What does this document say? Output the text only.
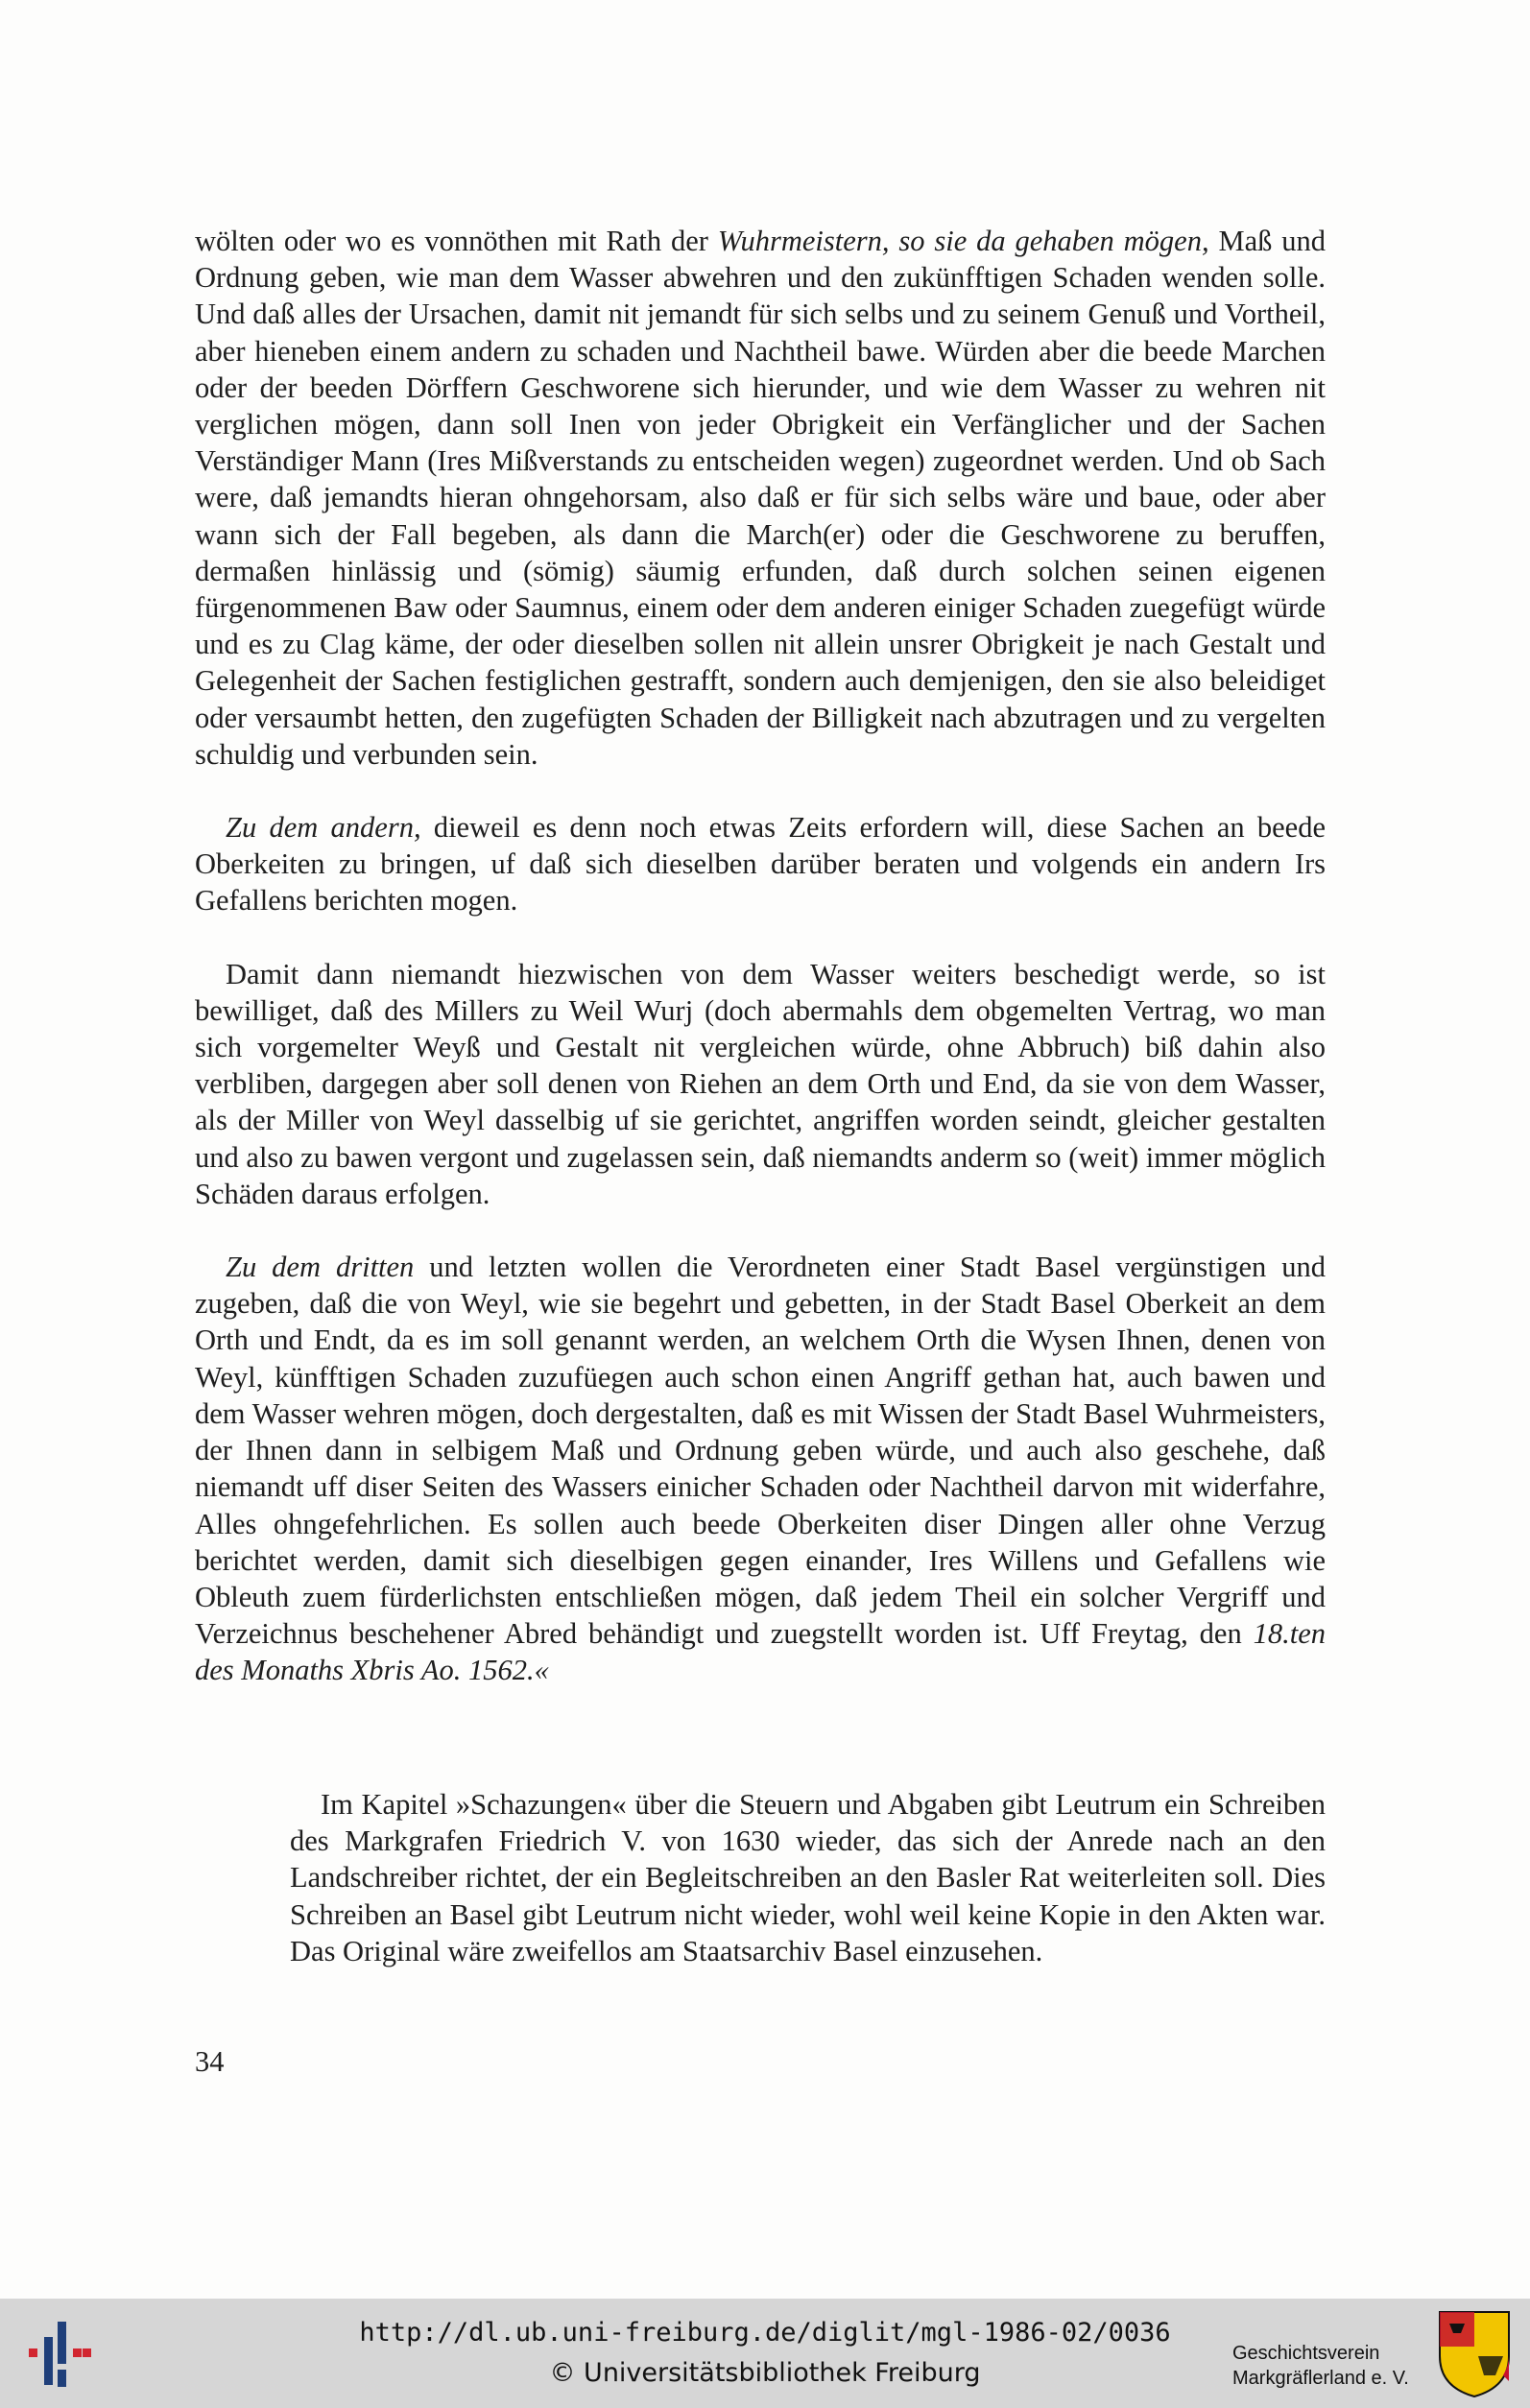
wölten oder wo es vonnöthen mit Rath der Wuhrmeistern, so sie da gehaben mögen, Maß und Ordnung geben, wie man dem Wasser abwehren und den zukünfftigen Schaden wenden solle. Und daß alles der Ursachen, damit nit jemandt für sich selbs und zu seinem Genuß und Vortheil, aber hieneben einem andern zu schaden und Nachtheil bawe. Würden aber die beede Marchen oder der beeden Dörffern Geschworene sich hierunder, und wie dem Wasser zu wehren nit verglichen mögen, dann soll Inen von jeder Obrigkeit ein Verfänglicher und der Sachen Verständiger Mann (Ires Mißverstands zu entscheiden wegen) zugeordnet werden. Und ob Sach were, daß jemandts hieran ohngehorsam, also daß er für sich selbs wäre und baue, oder aber wann sich der Fall begeben, als dann die March(er) oder die Geschworene zu beruffen, dermaßen hinlässig und (sömig) säumig erfunden, daß durch solchen seinen eigenen fürgenommenen Baw oder Saumnus, einem oder dem anderen einiger Schaden zuegefügt würde und es zu Clag käme, der oder dieselben sollen nit allein unsrer Obrigkeit je nach Gestalt und Gelegenheit der Sachen festiglichen gestrafft, sondern auch demjenigen, den sie also beleidiget oder versaumbt hetten, den zugefügten Schaden der Billigkeit nach abzutragen und zu vergelten schuldig und verbunden sein.

Zu dem andern, dieweil es denn noch etwas Zeits erfordern will, diese Sachen an beede Oberkeiten zu bringen, uf daß sich dieselben darüber beraten und volgends ein andern Irs Gefallens berichten mogen.

Damit dann niemandt hiezwischen von dem Wasser weiters beschedigt werde, so ist bewilliget, daß des Millers zu Weil Wurj (doch abermahls dem obgemelten Vertrag, wo man sich vorgemelter Weyß und Gestalt nit vergleichen würde, ohne Abbruch) biß dahin also verbliben, dargegen aber soll denen von Riehen an dem Orth und End, da sie von dem Wasser, als der Miller von Weyl dasselbig uf sie gerichtet, angriffen worden seindt, gleicher gestalten und also zu bawen vergont und zugelassen sein, daß niemandts anderm so (weit) immer möglich Schäden daraus erfolgen.

Zu dem dritten und letzten wollen die Verordneten einer Stadt Basel vergünstigen und zugeben, daß die von Weyl, wie sie begehrt und gebetten, in der Stadt Basel Oberkeit an dem Orth und Endt, da es im soll genannt werden, an welchem Orth die Wysen Ihnen, denen von Weyl, künfftigen Schaden zuzufüegen auch schon einen Angriff gethan hat, auch bawen und dem Wasser wehren mögen, doch dergestalten, daß es mit Wissen der Stadt Basel Wuhrmeisters, der Ihnen dann in selbigem Maß und Ordnung geben würde, und auch also geschehe, daß niemandt uff diser Seiten des Wassers einicher Schaden oder Nachtheil darvon mit widerfahre, Alles ohngefehrlichen. Es sollen auch beede Oberkeiten diser Dingen aller ohne Verzug berichtet werden, damit sich dieselbigen gegen einander, Ires Willens und Gefallens wie Obleuth zuem fürderlichsten entschließen mögen, daß jedem Theil ein solcher Vergriff und Verzeichnus beschehener Abred behändigt und zuegstellt worden ist. Uff Freytag, den 18.ten des Monaths Xbris Ao. 1562.«

Im Kapitel »Schazungen« über die Steuern und Abgaben gibt Leutrum ein Schreiben des Markgrafen Friedrich V. von 1630 wieder, das sich der Anrede nach an den Landschreiber richtet, der ein Begleitschreiben an den Basler Rat weiterleiten soll. Dies Schreiben an Basel gibt Leutrum nicht wieder, wohl weil keine Kopie in den Akten war. Das Original wäre zweifellos am Staatsarchiv Basel einzusehen.

34
http://dl.ub.uni-freiburg.de/diglit/mgl-1986-02/0036
© Universitätsbibliothek Freiburg
Geschichtsverein
Markgräflerland e. V.
